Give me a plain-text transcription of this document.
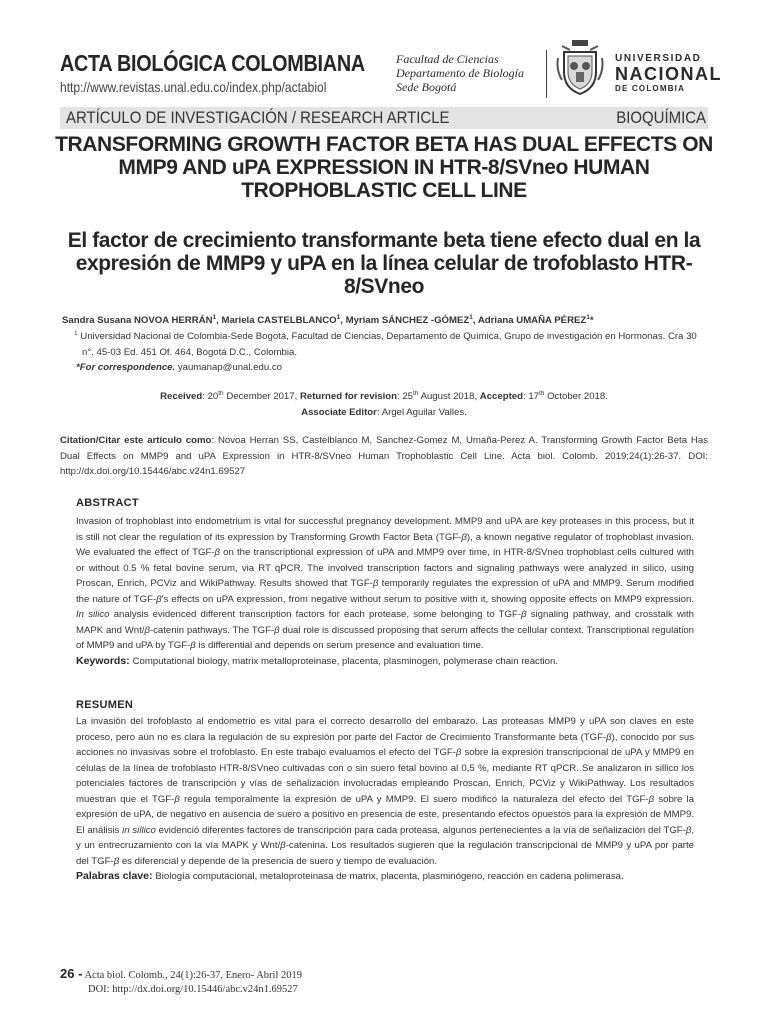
ACTA BIOLÓGICA COLOMBIANA
http://www.revistas.unal.edu.co/index.php/actabiol
Facultad de Ciencias
Departamento de Biología
Sede Bogotá
UNIVERSIDAD
NACIONAL
DE COLOMBIA
ARTÍCULO DE INVESTIGACIÓN / RESEARCH ARTICLE	BIOQUÍMICA
TRANSFORMING GROWTH FACTOR BETA HAS DUAL EFFECTS ON MMP9 AND uPA EXPRESSION IN HTR-8/SVneo HUMAN TROPHOBLASTIC CELL LINE
El factor de crecimiento transformante beta tiene efecto dual en la expresión de MMP9 y uPA en la línea celular de trofoblasto HTR-8/SVneo
Sandra Susana NOVOA HERRÁN$^1$, Mariela CASTELBLANCO$^1$, Myriam SÁNCHEZ -GÓMEZ$^1$, Adriana UMAÑA PÉREZ$^1$*
$^1$ Universidad Nacional de Colombia-Sede Bogotá, Facultad de Ciencias, Departamento de Química, Grupo de investigación en Hormonas. Cra 30 n°. 45-03 Ed. 451 Of. 464, Bogotá D.C., Colombia.
*For correspondence. yaumanap@unal.edu.co
Received: 20th December 2017, Returned for revision: 25th August 2018, Accepted: 17th October 2018.
Associate Editor: Argel Aguilar Valles.
Citation/Citar este artículo como: Novoa Herran SS, Castelblanco M, Sanchez-Gomez M, Umaña-Perez A. Transforming Growth Factor Beta Has Dual Effects on MMP9 and uPA Expression in HTR-8/SVneo Human Trophoblastic Cell Line. Acta biol. Colomb. 2019;24(1):26-37. DOI: http://dx.doi.org/10.15446/abc.v24n1.69527
ABSTRACT
Invasion of trophoblast into endometrium is vital for successful pregnancy development. MMP9 and uPA are key proteases in this process, but it is still not clear the regulation of its expression by Transforming Growth Factor Beta (TGF-β), a known negative regulator of trophoblast invasion. We evaluated the effect of TGF-β on the transcriptional expression of uPA and MMP9 over time, in HTR-8/SVneo trophoblast cells cultured with or without 0.5 % fetal bovine serum, via RT qPCR. The involved transcription factors and signaling pathways were analyzed in silico, using Proscan, Enrich, PCViz and WikiPathway. Results showed that TGF-β temporarily regulates the expression of uPA and MMP9. Serum modified the nature of TGF-β's effects on uPA expression, from negative without serum to positive with it, showing opposite effects on MMP9 expression. In silico analysis evidenced different transcription factors for each protease, some belonging to TGF-β signaling pathway, and crosstalk with MAPK and Wnt/β-catenin pathways. The TGF-β dual role is discussed proposing that serum affects the cellular context. Transcriptional regulation of MMP9 and uPA by TGF-β is differential and depends on serum presence and evaluation time.
Keywords: Computational biology, matrix metalloproteinase, placenta, plasminogen, polymerase chain reaction.
RESUMEN
La invasión del trofoblasto al endometrio es vital para el correcto desarrollo del embarazo. Las proteasas MMP9 y uPA son claves en este proceso, pero aún no es clara la regulación de su expresión por parte del Factor de Crecimiento Transformante beta (TGF-β), conocido por sus acciones no invasivas sobre el trofoblasto. En este trabajo evaluamos el efecto del TGF-β sobre la expresión transcripcional de uPA y MMP9 en células de la línea de trofoblasto HTR-8/SVneo cultivadas con o sin suero fetal bovino al 0,5 %, mediante RT qPCR. Se analizaron in sillico los potenciales factores de transcripción y vías de señalización involucradas empleando Proscan, Enrich, PCViz y WikiPathway. Los resultados muestran que el TGF-β regula temporalmente la expresión de uPA y MMP9. El suero modificó la naturaleza del efecto del TGF-β sobre la expresión de uPA, de negativo en ausencia de suero a positivo en presencia de este, presentando efectos opuestos para la expresión de MMP9. El análisis in sillico evidenció diferentes factores de transcripción para cada proteasa, algunos pertenecientes a la vía de señalización del TGF-β, y un entrecruzamiento con la vía MAPK y Wnt/β-catenina. Los resultados sugieren que la regulación transcripcional de MMP9 y uPA por parte del TGF-β es diferencial y depende de la presencia de suero y tiempo de evaluación.
Palabras clave: Biología computacional, metaloproteinasa de matrix, placenta, plasminógeno, reacción en cadena polimerasa.
26 - Acta biol. Colomb., 24(1):26-37, Enero- Abril 2019
DOI: http://dx.doi.org/10.15446/abc.v24n1.69527
